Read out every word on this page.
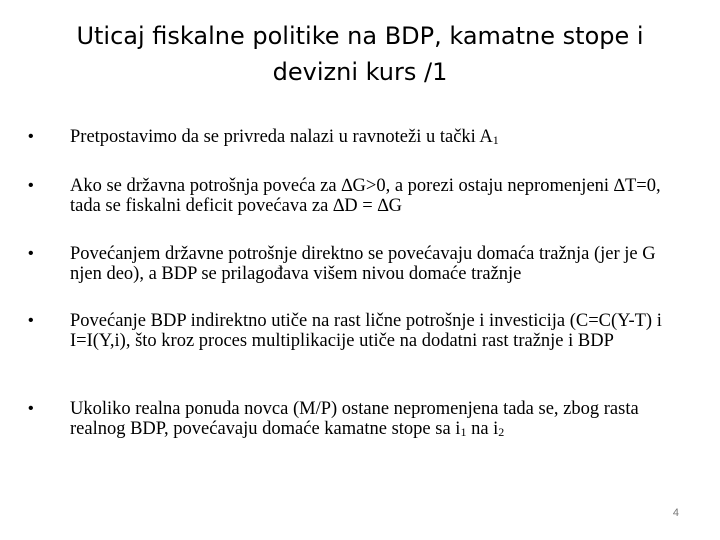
Uticaj fiskalne politike na BDP, kamatne stope i
devizni kurs /1
• Pretpostavimo da se privreda nalazi u ravnoteži u tački $A_1$
• Ako se državna potrošnja poveća za ∆G>0, a porezi ostaju nepromenjeni ∆T=0, tada se fiskalni deficit povećava za ∆D = ∆G
• Povećanjem državne potrošnje direktno se povećavaju domaća tražnja (jer je G njen deo), a BDP se prilagođava višem nivou domaće tražnje
• Povećanje BDP indirektno utiče na rast lične potrošnje i investicija (C=C(Y-T) i I=I(Y,i), što kroz proces multiplikacije utiče na dodatni rast tražnje i BDP
• Ukoliko realna ponuda novca (M/P) ostane nepromenjena tada se, zbog rasta realnog BDP, povećavaju domaće kamatne stope sa $i_1$ na $i_2$
4
